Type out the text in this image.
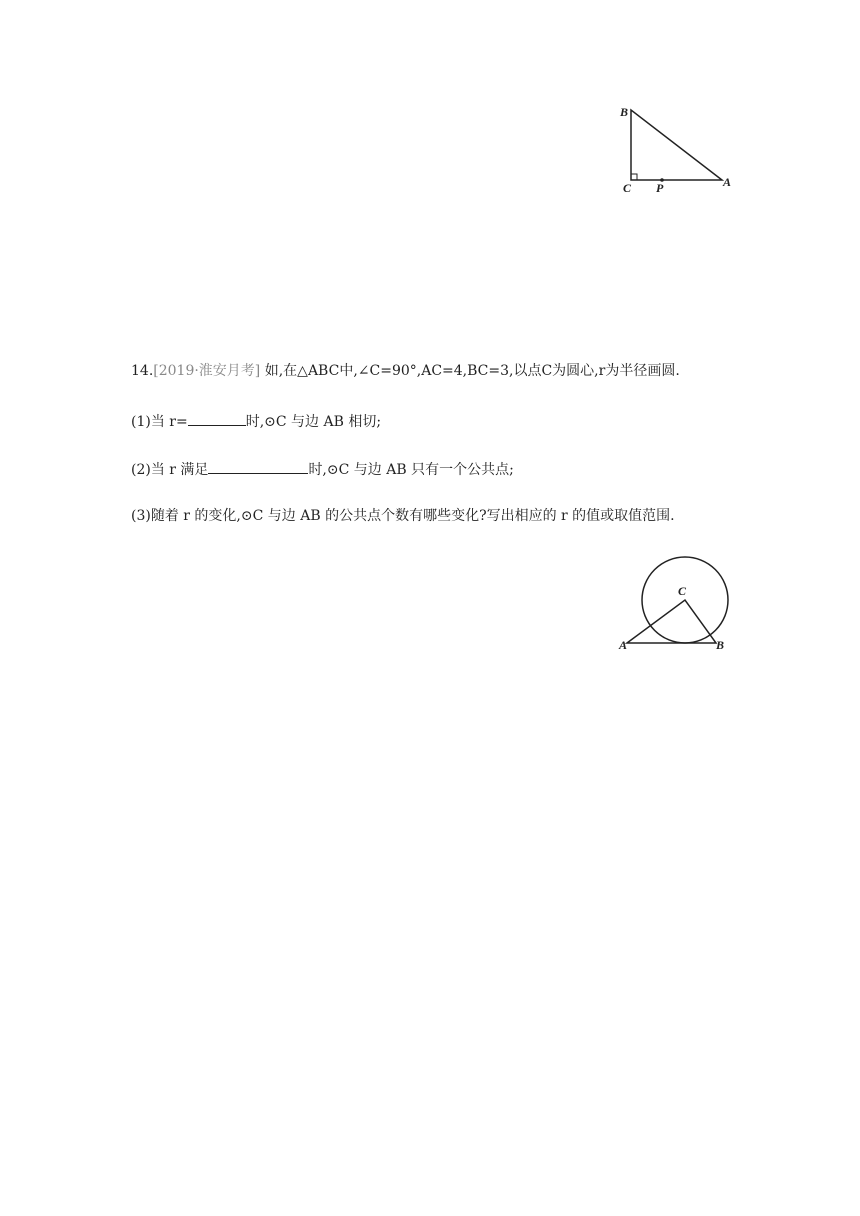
B
C P	A
14.[2019·淮安月考] 如,在△ABC中,∠C=90°,AC=4,BC=3,以点C为圆心,r为半径画圆.
(1)当 r=	时,⊙C 与边 AB 相切;
(2)当 r 满足	时,⊙C 与边 AB 只有一个公共点;
(3)随着 r 的变化,⊙C 与边 AB 的公共点个数有哪些变化?写出相应的 r 的值或取值范围.
C
A	B
